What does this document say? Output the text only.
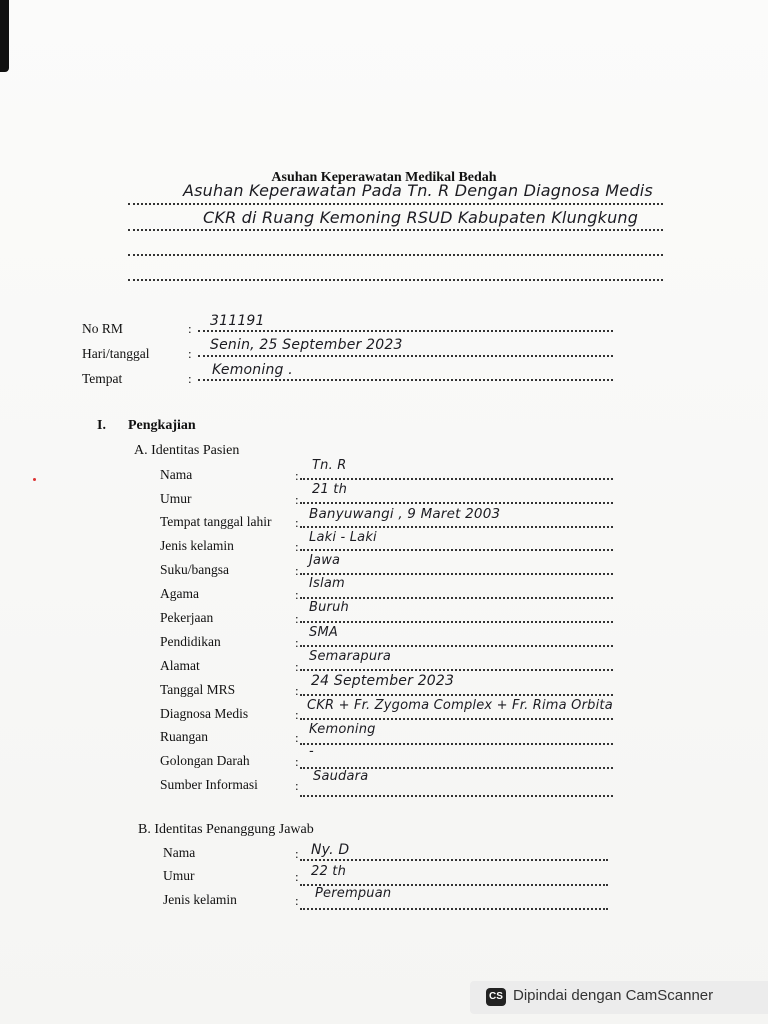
Asuhan Keperawatan Medikal Bedah
Asuhan Keperawatan Pada Tn. R Dengan Diagnosa Medis
CKR di Ruang Kemoning RSUD Kabupaten Klungkung
No RM	: 311191
Hari/tanggal	:
Senin, 25 September 2023
Tempat	:
Kemoning .
I. Pengkajian
A. Identitas Pasien
Nama	:
Tn. R
Umur	:
21 th
Tempat tanggal lahir :
Banyuwangi , 9 Maret 2003
Jenis kelamin	:
Laki - Laki
Suku/bangsa	:
Jawa
Agama	:
Islam
Pekerjaan	:
Buruh
Pendidikan	:
SMA
Alamat	:
Semarapura
Tanggal MRS	:
24 September 2023
Diagnosa Medis	:
CKR + Fr. Zygoma Complex + Fr. Rima Orbita
Ruangan	:
Kemoning
Golongan Darah	:
-
Sumber Informasi	:
Saudara
B. Identitas Penanggung Jawab
Nama	: Ny. D
Umur	: 22 th
Jenis kelamin	: Perempuan
CS Dipindai dengan CamScanner
